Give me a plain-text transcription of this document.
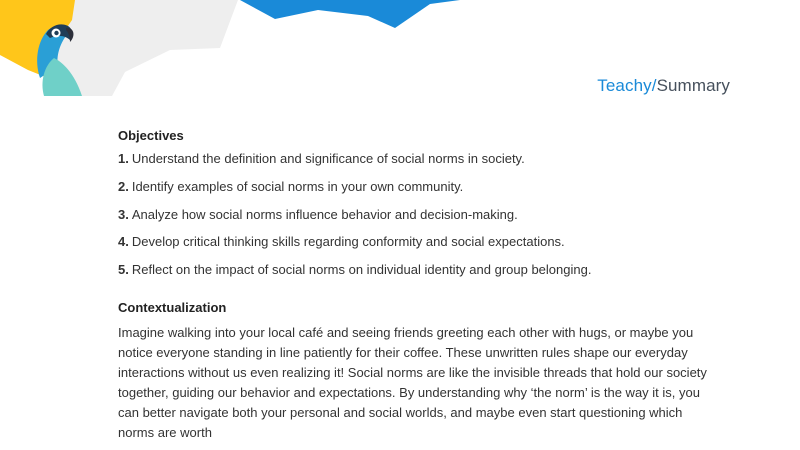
Teachy/Summary
Objectives
1. Understand the definition and significance of social norms in society.
2. Identify examples of social norms in your own community.
3. Analyze how social norms influence behavior and decision-making.
4. Develop critical thinking skills regarding conformity and social expectations.
5. Reflect on the impact of social norms on individual identity and group belonging.
Contextualization

Imagine walking into your local café and seeing friends greeting each other with hugs, or maybe you notice everyone standing in line patiently for their coffee. These unwritten rules shape our everyday interactions without us even realizing it! Social norms are like the invisible threads that hold our society together, guiding our behavior and expectations. By understanding why ‘the norm’ is the way it is, you can better navigate both your personal and social worlds, and maybe even start questioning which norms are worth
